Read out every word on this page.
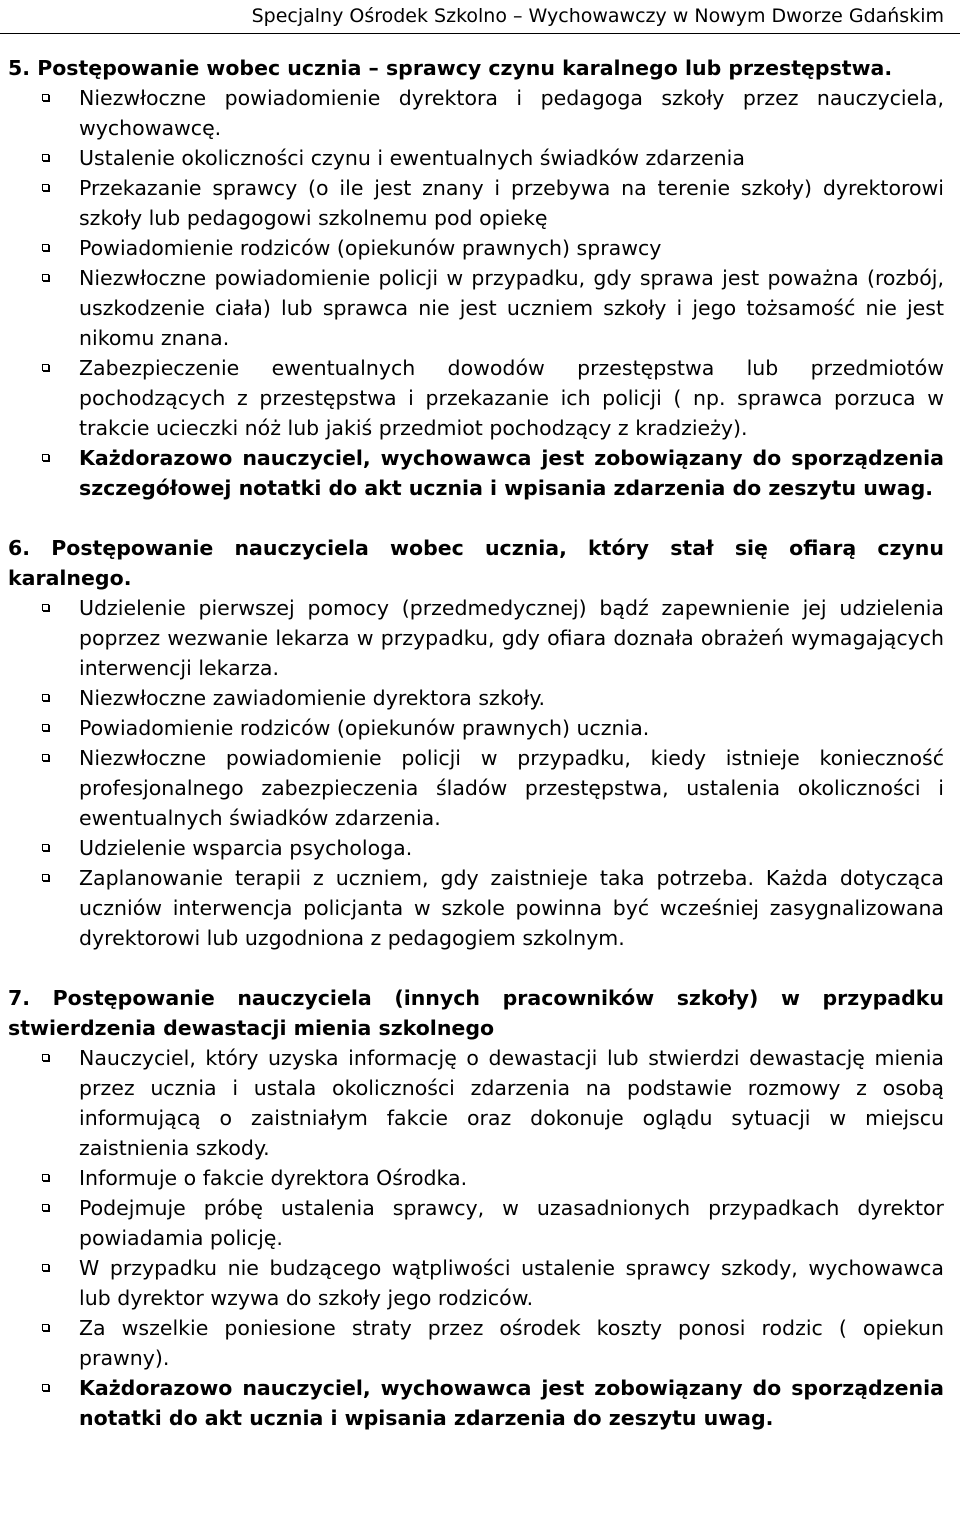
Specjalny Ośrodek Szkolno – Wychowawczy w Nowym Dworze Gdańskim

5. Postępowanie wobec ucznia – sprawcy czynu karalnego lub przestępstwa.

Niezwłoczne powiadomienie dyrektora i pedagoga szkoły przez nauczyciela, wychowawcę.
Ustalenie okoliczności czynu i ewentualnych świadków zdarzenia
Przekazanie sprawcy (o ile jest znany i przebywa na terenie szkoły) dyrektorowi szkoły lub pedagogowi szkolnemu pod opiekę
Powiadomienie rodziców (opiekunów prawnych) sprawcy
Niezwłoczne powiadomienie policji w przypadku, gdy sprawa jest poważna (rozbój, uszkodzenie ciała) lub sprawca nie jest uczniem szkoły i jego tożsamość nie jest nikomu znana.
Zabezpieczenie ewentualnych dowodów przestępstwa lub przedmiotów pochodzących z przestępstwa i przekazanie ich policji ( np. sprawca porzuca w trakcie ucieczki nóż lub jakiś przedmiot pochodzący z kradzieży).
Każdorazowo nauczyciel, wychowawca jest zobowiązany do sporządzenia szczegółowej notatki do akt ucznia i wpisania zdarzenia do zeszytu uwag.

6. Postępowanie nauczyciela wobec ucznia, który stał się ofiarą czynu karalnego.

Udzielenie pierwszej pomocy (przedmedycznej) bądź zapewnienie jej udzielenia poprzez wezwanie lekarza w przypadku, gdy ofiara doznała obrażeń wymagających interwencji lekarza.
Niezwłoczne zawiadomienie dyrektora szkoły.
Powiadomienie rodziców (opiekunów prawnych) ucznia.
Niezwłoczne powiadomienie policji w przypadku, kiedy istnieje konieczność profesjonalnego zabezpieczenia śladów przestępstwa, ustalenia okoliczności i ewentualnych świadków zdarzenia.
Udzielenie wsparcia psychologa.
Zaplanowanie terapii z uczniem, gdy zaistnieje taka potrzeba. Każda dotycząca uczniów interwencja policjanta w szkole powinna być wcześniej zasygnalizowana dyrektorowi lub uzgodniona z pedagogiem szkolnym.

7. Postępowanie nauczyciela (innych pracowników szkoły) w przypadku stwierdzenia dewastacji mienia szkolnego

Nauczyciel, który uzyska informację o dewastacji lub stwierdzi dewastację mienia przez ucznia i ustala okoliczności zdarzenia na podstawie rozmowy z osobą informującą o zaistniałym fakcie oraz dokonuje oglądu sytuacji w miejscu zaistnienia szkody.
Informuje o fakcie dyrektora Ośrodka.
Podejmuje próbę ustalenia sprawcy, w uzasadnionych przypadkach dyrektor powiadamia policję.
W przypadku nie budzącego wątpliwości ustalenie sprawcy szkody, wychowawca lub dyrektor wzywa do szkoły jego rodziców.
Za wszelkie poniesione straty przez ośrodek koszty ponosi rodzic ( opiekun prawny).
Każdorazowo nauczyciel, wychowawca jest zobowiązany do sporządzenia notatki do akt ucznia i wpisania zdarzenia do zeszytu uwag.
